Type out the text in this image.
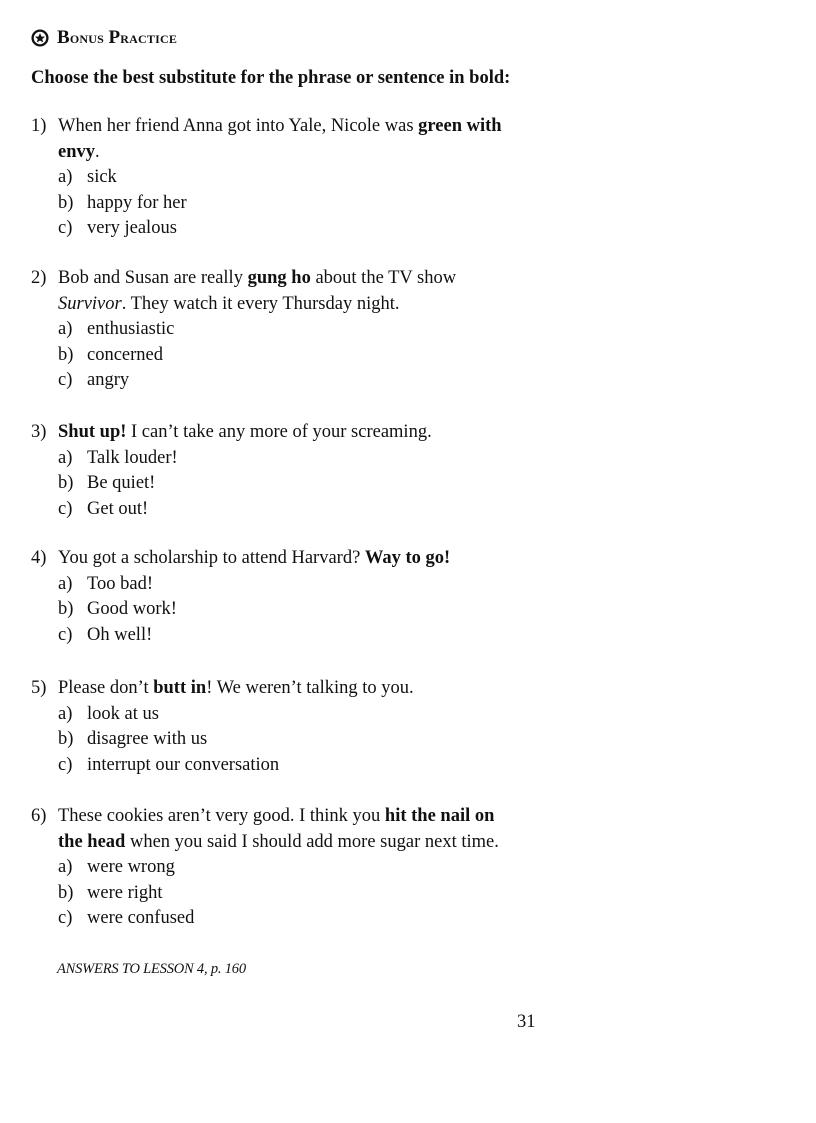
Bonus Practice
Choose the best substitute for the phrase or sentence in bold:
1) When her friend Anna got into Yale, Nicole was green with
envy.
a) sick
b) happy for her
c) very jealous
2) Bob and Susan are really gung ho about the TV show
Survivor. They watch it every Thursday night.
a) enthusiastic
b) concerned
c) angry
3) Shut up! I can’t take any more of your screaming.
a) Talk louder!
b) Be quiet!
c) Get out!
4) You got a scholarship to attend Harvard? Way to go!
a) Too bad!
b) Good work!
c) Oh well!
5) Please don’t butt in! We weren’t talking to you.
a) look at us
b) disagree with us
c) interrupt our conversation
6) These cookies aren’t very good. I think you hit the nail on
the head when you said I should add more sugar next time.
a) were wrong
b) were right
c) were confused
ANSWERS TO LESSON 4, p. 160
31
